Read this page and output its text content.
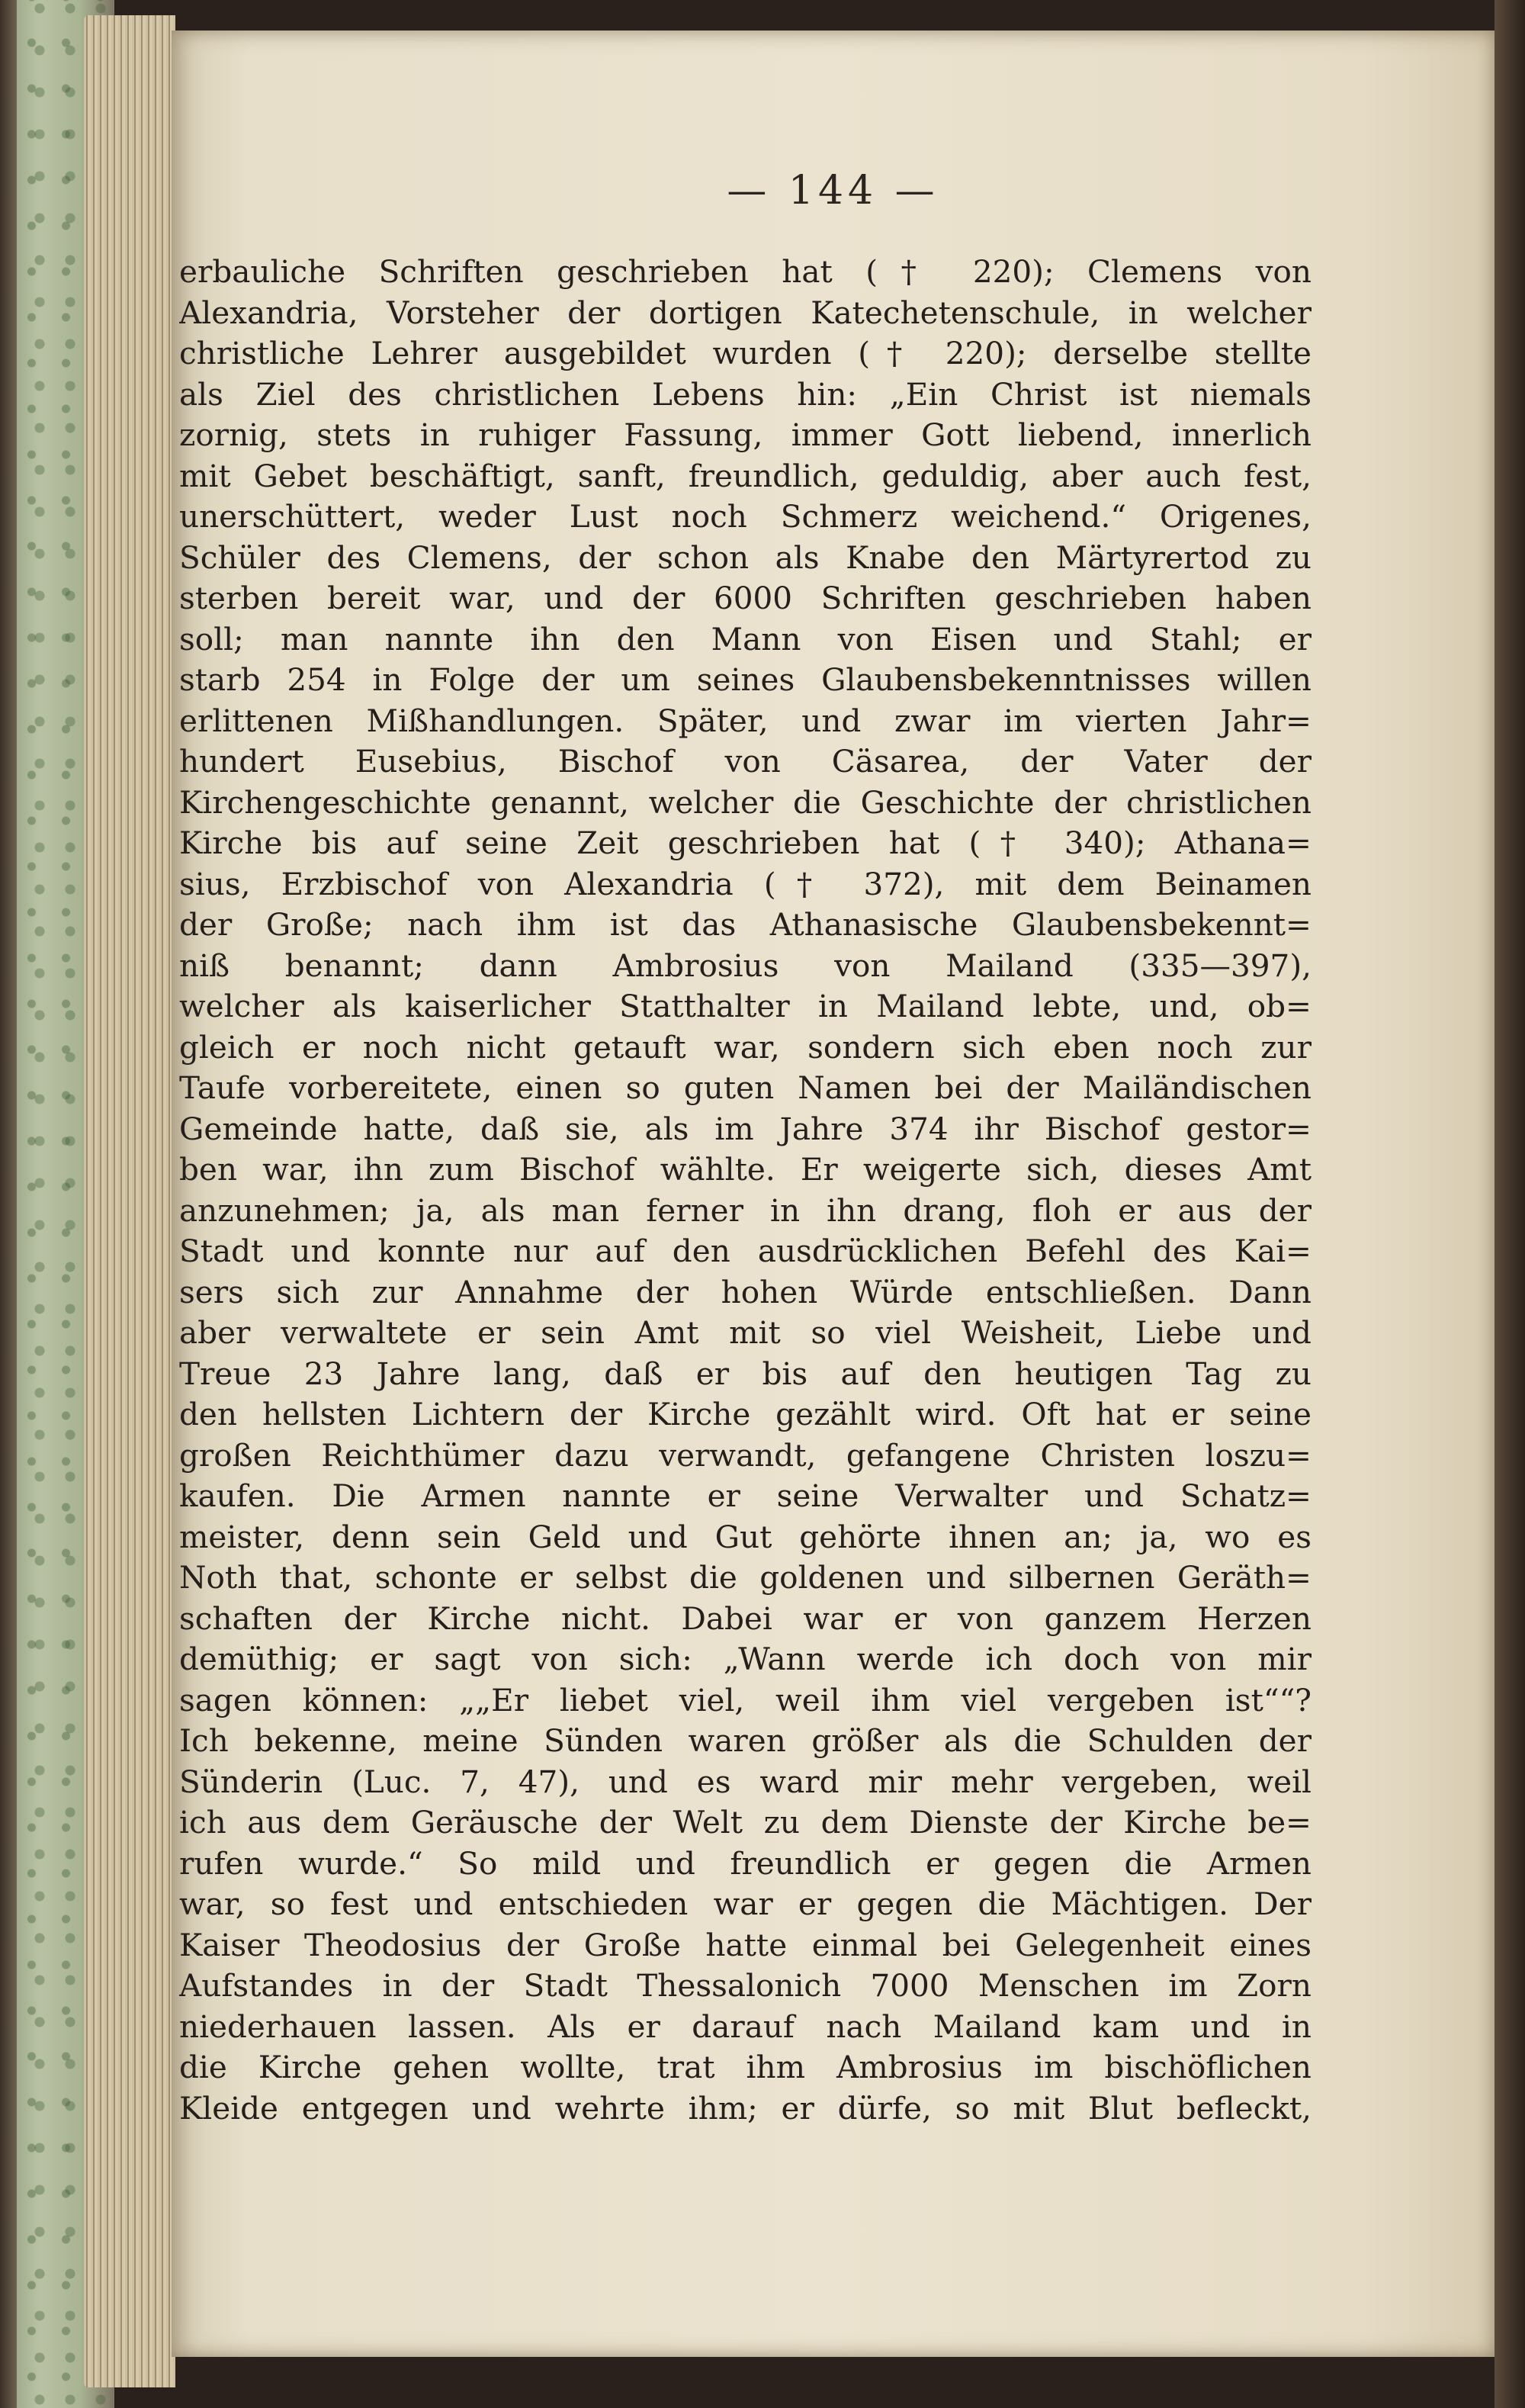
— 144 —
erbauliche Schriften geschrieben hat († 220); Clemens von
Alexandria, Vorsteher der dortigen Katechetenschule, in welcher
christliche Lehrer ausgebildet wurden († 220); derselbe stellte
als Ziel des christlichen Lebens hin: „Ein Christ ist niemals
zornig, stets in ruhiger Fassung, immer Gott liebend, innerlich
mit Gebet beschäftigt, sanft, freundlich, geduldig, aber auch fest,
unerschüttert, weder Lust noch Schmerz weichend.“ Origenes,
Schüler des Clemens, der schon als Knabe den Märtyrertod zu
sterben bereit war, und der 6000 Schriften geschrieben haben
soll; man nannte ihn den Mann von Eisen und Stahl; er
starb 254 in Folge der um seines Glaubensbekenntnisses willen
erlittenen Mißhandlungen. Später, und zwar im vierten Jahr=
hundert Eusebius, Bischof von Cäsarea, der Vater der
Kirchengeschichte genannt, welcher die Geschichte der christlichen
Kirche bis auf seine Zeit geschrieben hat († 340); Athana=
sius, Erzbischof von Alexandria († 372), mit dem Beinamen
der Große; nach ihm ist das Athanasische Glaubensbekennt=
niß benannt; dann Ambrosius von Mailand (335—397),
welcher als kaiserlicher Statthalter in Mailand lebte, und, ob=
gleich er noch nicht getauft war, sondern sich eben noch zur
Taufe vorbereitete, einen so guten Namen bei der Mailändischen
Gemeinde hatte, daß sie, als im Jahre 374 ihr Bischof gestor=
ben war, ihn zum Bischof wählte. Er weigerte sich, dieses Amt
anzunehmen; ja, als man ferner in ihn drang, floh er aus der
Stadt und konnte nur auf den ausdrücklichen Befehl des Kai=
sers sich zur Annahme der hohen Würde entschließen. Dann
aber verwaltete er sein Amt mit so viel Weisheit, Liebe und
Treue 23 Jahre lang, daß er bis auf den heutigen Tag zu
den hellsten Lichtern der Kirche gezählt wird. Oft hat er seine
großen Reichthümer dazu verwandt, gefangene Christen loszu=
kaufen. Die Armen nannte er seine Verwalter und Schatz=
meister, denn sein Geld und Gut gehörte ihnen an; ja, wo es
Noth that, schonte er selbst die goldenen und silbernen Geräth=
schaften der Kirche nicht. Dabei war er von ganzem Herzen
demüthig; er sagt von sich: „Wann werde ich doch von mir
sagen können: „„Er liebet viel, weil ihm viel vergeben ist““?
Ich bekenne, meine Sünden waren größer als die Schulden der
Sünderin (Luc. 7, 47), und es ward mir mehr vergeben, weil
ich aus dem Geräusche der Welt zu dem Dienste der Kirche be=
rufen wurde.“ So mild und freundlich er gegen die Armen
war, so fest und entschieden war er gegen die Mächtigen. Der
Kaiser Theodosius der Große hatte einmal bei Gelegenheit eines
Aufstandes in der Stadt Thessalonich 7000 Menschen im Zorn
niederhauen lassen. Als er darauf nach Mailand kam und in
die Kirche gehen wollte, trat ihm Ambrosius im bischöflichen
Kleide entgegen und wehrte ihm; er dürfe, so mit Blut befleckt,
